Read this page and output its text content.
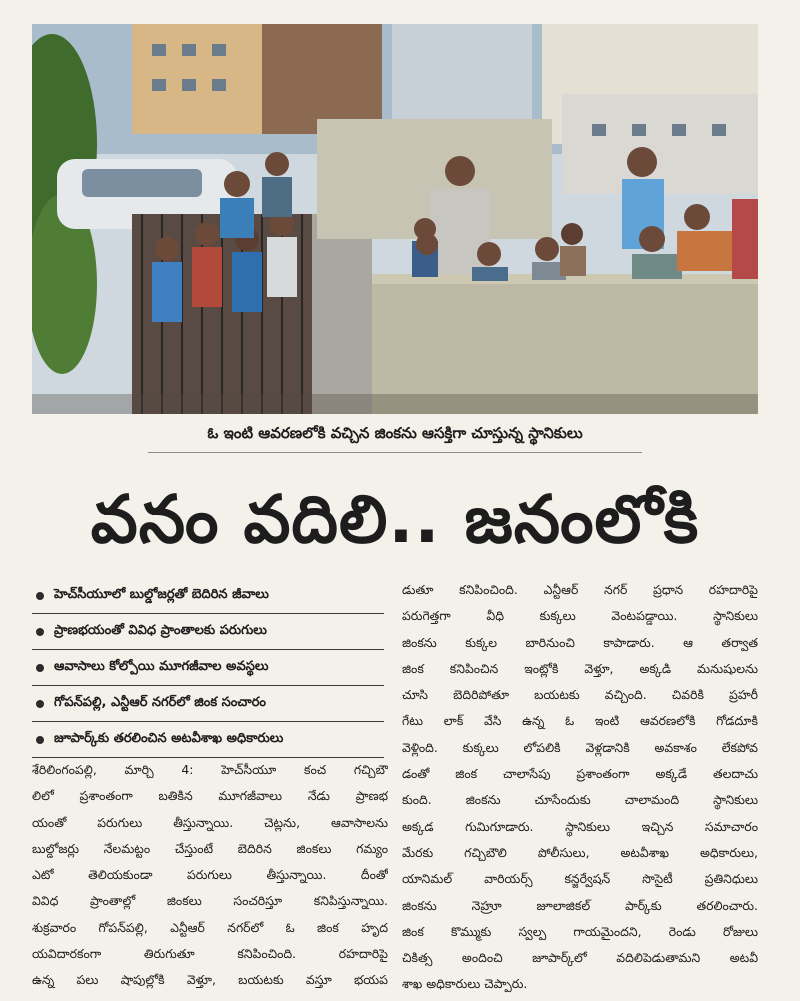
ఓ ఇంటి ఆవరణలోకి వచ్చిన జింకను ఆసక్తిగా చూస్తున్న స్థానికులు
వనం వదిలి.. జనంలోకి
హెచ్‌సీయూలో బుల్డోజర్లతో బెదిరిన జీవాలు
ప్రాణభయంతో వివిధ ప్రాంతాలకు పరుగులు
ఆవాసాలు కోల్పోయి మూగజీవాల అవస్థలు
గోపన్‌పల్లి, ఎన్టీఆర్ నగర్‌లో జింక సంచారం
జూపార్క్‌కు తరలించిన అటవీశాఖ అధికారులు
శేరిలింగంపల్లి, మార్చి 4: హెచ్‌సీయూ కంచ గచ్చిబౌ
లిలో ప్రశాంతంగా బతికిన మూగజీవాలు నేడు ప్రాణభ
యంతో పరుగులు తీస్తున్నాయి. చెట్లను, ఆవాసాలను
బుల్డోజర్లు నేలమట్టం చేస్తుంటే బెదిరిన జింకలు గమ్యం
ఎటో తెలియకుండా పరుగులు తీస్తున్నాయి. దీంతో
వివిధ ప్రాంతాల్లో జింకలు సంచరిస్తూ కనిపిస్తున్నాయి.
శుక్రవారం గోపన్‌పల్లి, ఎన్టీఆర్ నగర్‌లో ఓ జింక హృద
యవిదారకంగా తిరుగుతూ కనిపించింది. రహదారిపై
ఉన్న పలు షాపుల్లోకి వెళ్తూ, బయటకు వస్తూ భయప
డుతూ కనిపించింది. ఎన్టీఆర్ నగర్ ప్రధాన రహదారిపై
పరుగెత్తగా వీధి కుక్కలు వెంటపడ్డాయి. స్థానికులు
జింకను కుక్కల బారినుంచి కాపాడారు. ఆ తర్వాత
జింక కనిపించిన ఇంట్లోకి వెళ్తూ, అక్కడి మనుషులను
చూసి బెదిరిపోతూ బయటకు వచ్చింది. చివరికి ప్రహరీ
గేటు లాక్ వేసి ఉన్న ఓ ఇంటి ఆవరణలోకి గోడదూకి
వెళ్లింది. కుక్కలు లోపలికి వెళ్లడానికి అవకాశం లేకపోవ
డంతో జింక చాలాసేపు ప్రశాంతంగా అక్కడే తలదాచు
కుంది. జింకను చూసేందుకు చాలామంది స్థానికులు
అక్కడ గుమిగూడారు. స్థానికులు ఇచ్చిన సమాచారం
మేరకు గచ్చిబౌలి పోలీసులు, అటవీశాఖ అధికారులు,
యానిమల్ వారియర్స్ కన్జర్వేషన్ సొసైటీ ప్రతినిధులు
జింకను నెహ్రూ జూలాజికల్ పార్క్‌కు తరలించారు.
జింక కొమ్ముకు స్వల్ప గాయమైందని, రెండు రోజులు
చికిత్స అందించి జూపార్క్‌లో వదిలిపెడుతామని అటవీ
శాఖ అధికారులు చెప్పారు.
